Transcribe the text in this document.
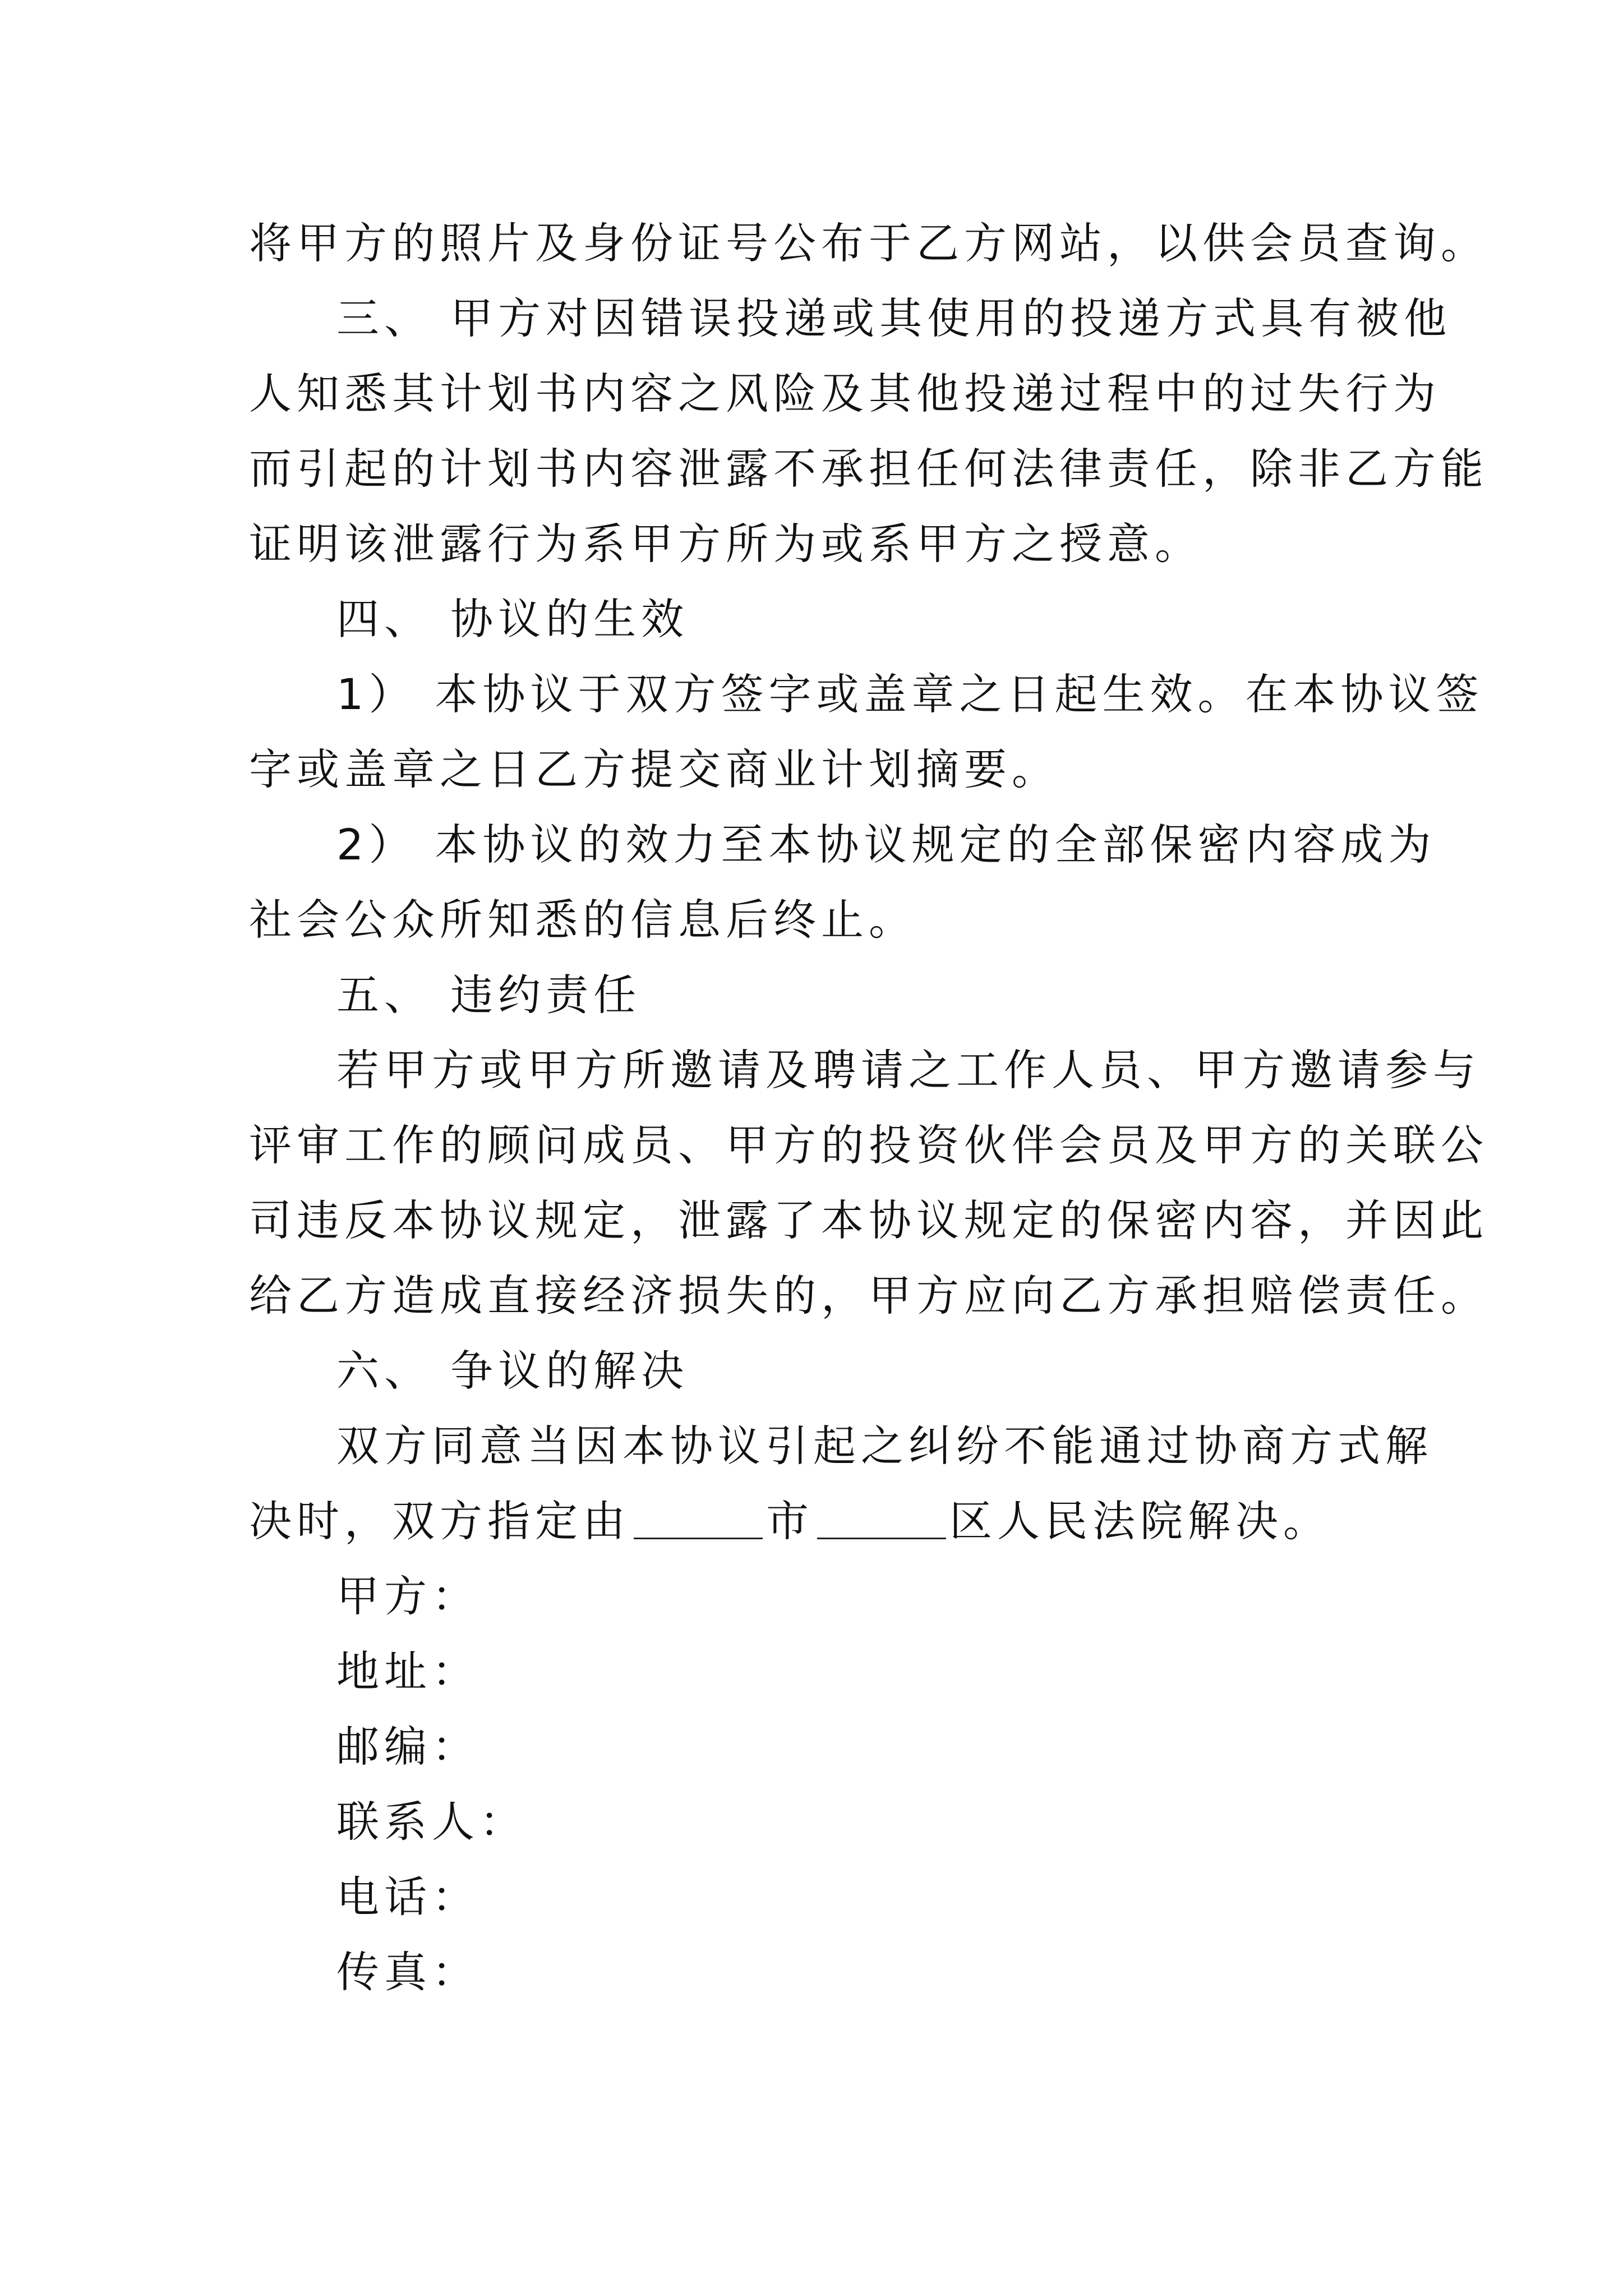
将甲方的照片及身份证号公布于乙方网站，以供会员查询。
三、 甲方对因错误投递或其使用的投递方式具有被他
人知悉其计划书内容之风险及其他投递过程中的过失行为
而引起的计划书内容泄露不承担任何法律责任，除非乙方能
证明该泄露行为系甲方所为或系甲方之授意。
四、 协议的生效
1） 本协议于双方签字或盖章之日起生效。在本协议签
字或盖章之日乙方提交商业计划摘要。
2） 本协议的效力至本协议规定的全部保密内容成为
社会公众所知悉的信息后终止。
五、 违约责任
若甲方或甲方所邀请及聘请之工作人员、甲方邀请参与
评审工作的顾问成员、甲方的投资伙伴会员及甲方的关联公
司违反本协议规定，泄露了本协议规定的保密内容，并因此
给乙方造成直接经济损失的，甲方应向乙方承担赔偿责任。
六、 争议的解决
双方同意当因本协议引起之纠纷不能通过协商方式解
决时，双方指定由	市	区人民法院解决。
甲方：
地址：
邮编：
联系人：
电话：
传真：
